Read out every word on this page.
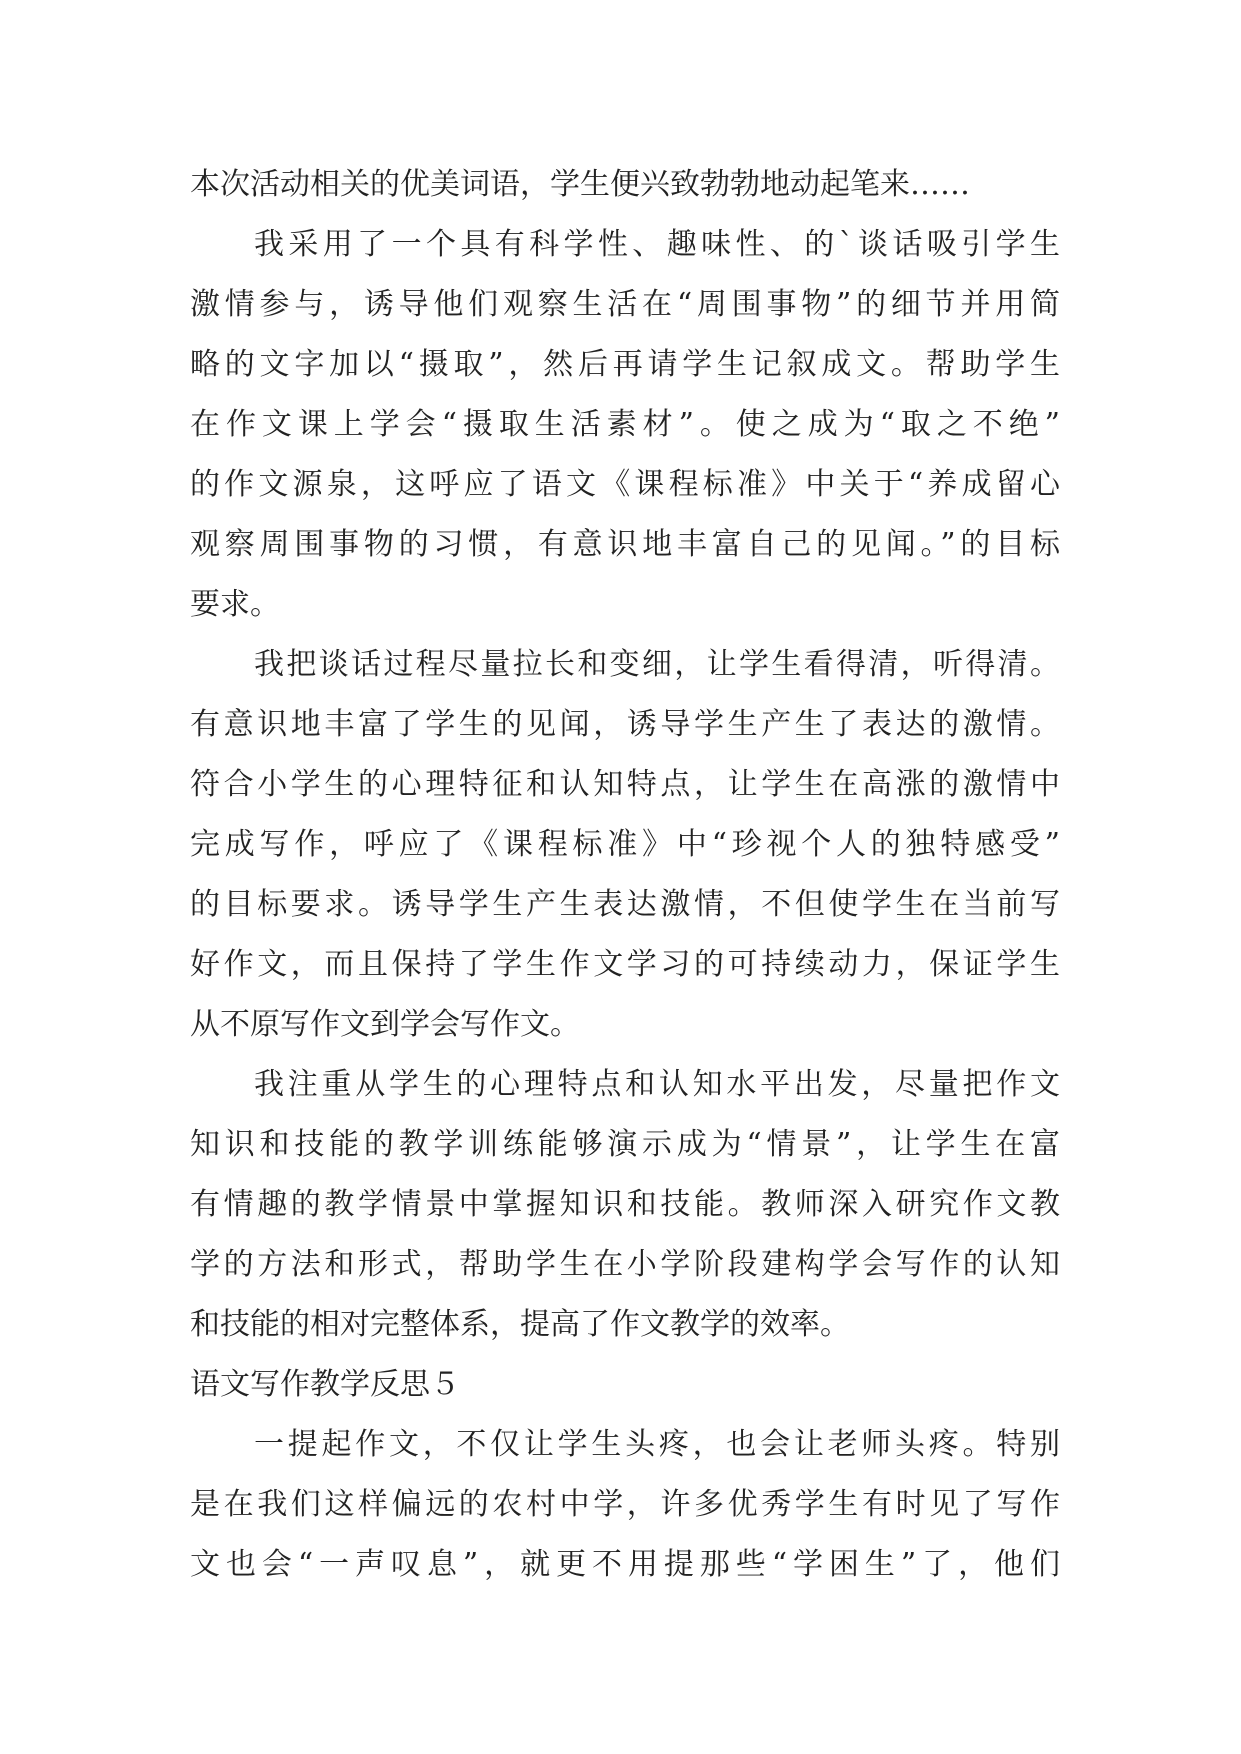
本次活动相关的优美词语，学生便兴致勃勃地动起笔来……
我采用了一个具有科学性、趣味性、的`谈话吸引学生
激情参与，诱导他们观察生活在“周围事物”的细节并用简
略的文字加以“摄取”，然后再请学生记叙成文。帮助学生
在作文课上学会“摄取生活素材”。使之成为“取之不绝”
的作文源泉，这呼应了语文《课程标准》中关于“养成留心
观察周围事物的习惯，有意识地丰富自己的见闻。”的目标
要求。
我把谈话过程尽量拉长和变细，让学生看得清，听得清。
有意识地丰富了学生的见闻，诱导学生产生了表达的激情。
符合小学生的心理特征和认知特点，让学生在高涨的激情中
完成写作，呼应了《课程标准》中“珍视个人的独特感受”
的目标要求。诱导学生产生表达激情，不但使学生在当前写
好作文，而且保持了学生作文学习的可持续动力，保证学生
从不原写作文到学会写作文。
我注重从学生的心理特点和认知水平出发，尽量把作文
知识和技能的教学训练能够演示成为“情景”，让学生在富
有情趣的教学情景中掌握知识和技能。教师深入研究作文教
学的方法和形式，帮助学生在小学阶段建构学会写作的认知
和技能的相对完整体系，提高了作文教学的效率。
语文写作教学反思５
一提起作文，不仅让学生头疼，也会让老师头疼。特别
是在我们这样偏远的农村中学，许多优秀学生有时见了写作
文也会“一声叹息”，就更不用提那些“学困生”了，他们
